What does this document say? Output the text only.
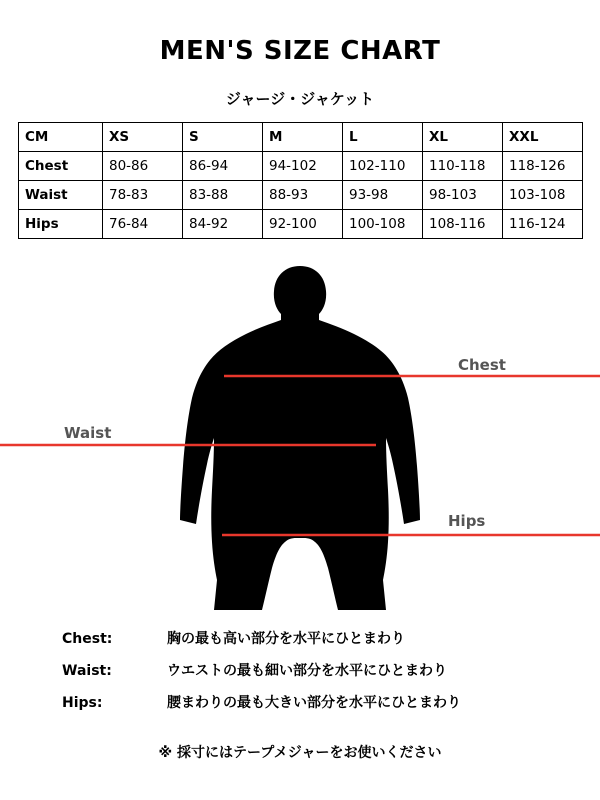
MEN'S SIZE CHART
ジャージ・ジャケット
CM	XS	S	M	L	XL	XXL
Chest	80-86	86-94	94-102	102-110	110-118	118-126
Waist	78-83	83-88	88-93	93-98	98-103	103-108
Hips	76-84	84-92	92-100	100-108	108-116	116-124
Chest
Waist
Hips
Chest:	胸の最も高い部分を水平にひとまわり
Waist:	ウエストの最も細い部分を水平にひとまわり
Hips:	腰まわりの最も大きい部分を水平にひとまわり
※ 採寸にはテープメジャーをお使いください
